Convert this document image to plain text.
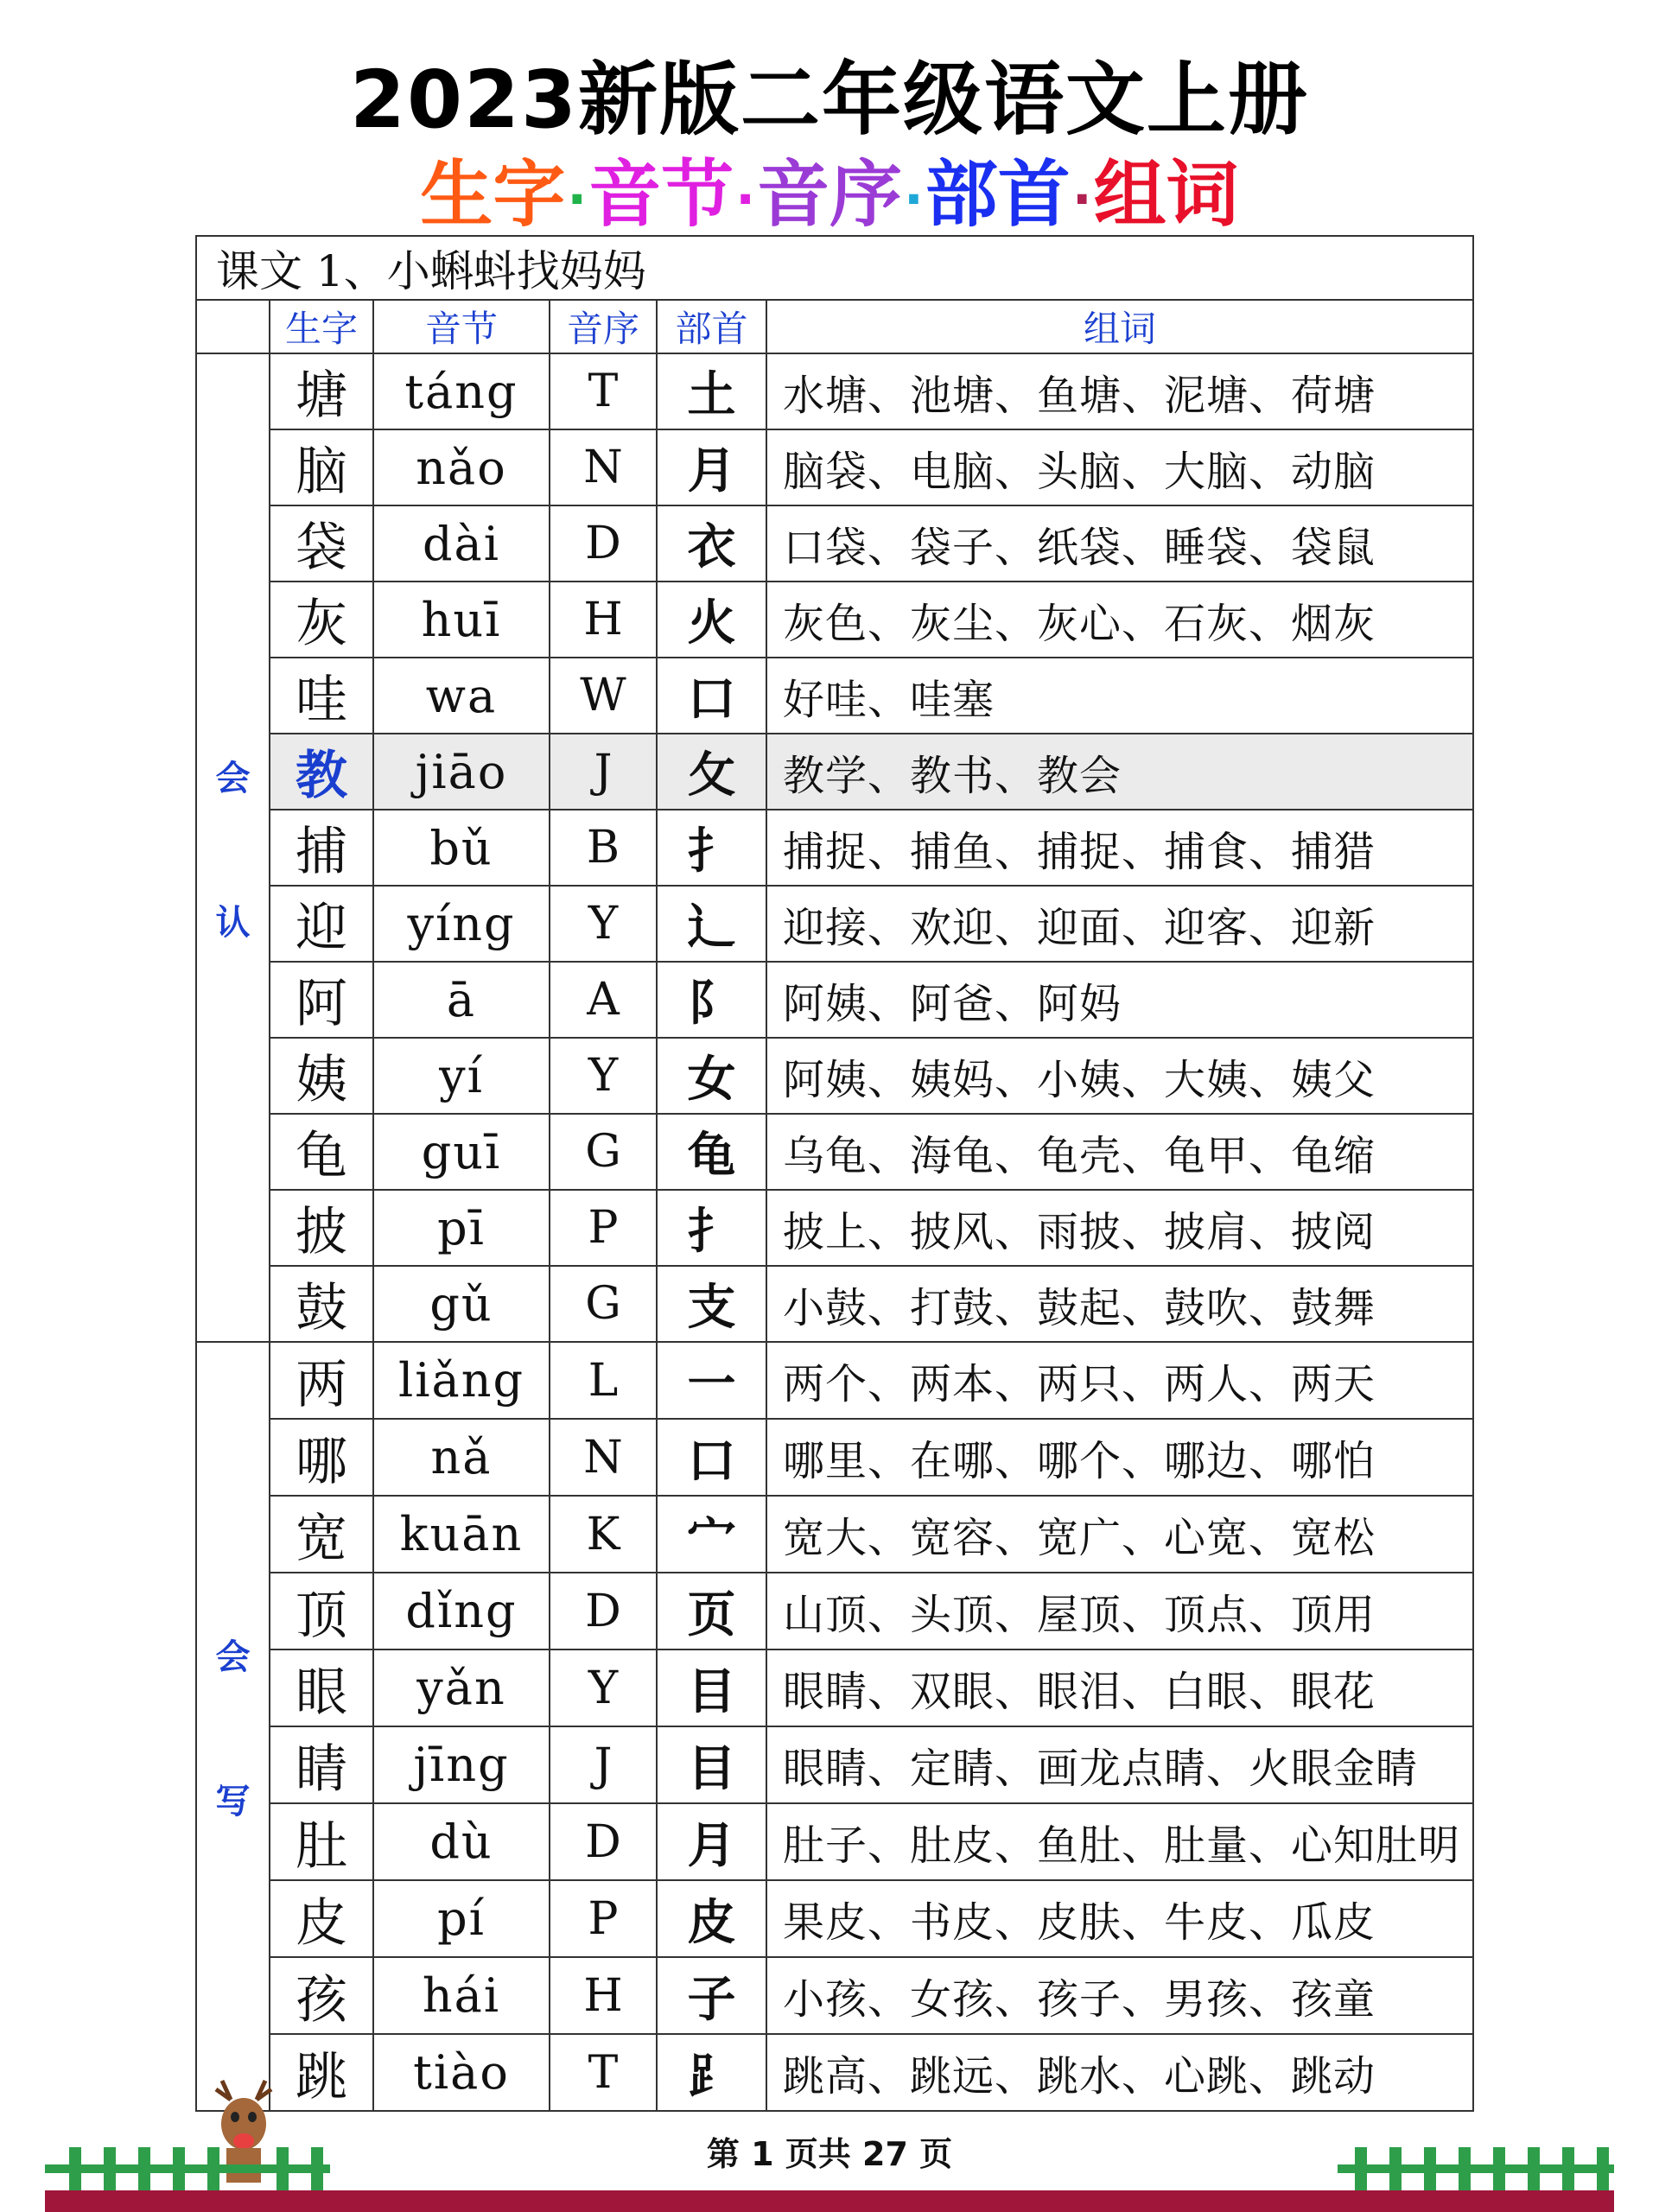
2023新版二年级语文上册
生字·音节·音序·部首·组词
课文 1、小蝌蚪找妈妈					
	生字	音节	音序	部首	组词

会
认	塘	táng	T	土	水塘、池塘、鱼塘、泥塘、荷塘
	脑	nǎo	N	月	脑袋、电脑、头脑、大脑、动脑
	袋	dài	D	衣	口袋、袋子、纸袋、睡袋、袋鼠
	灰	huī	H	火	灰色、灰尘、灰心、石灰、烟灰
	哇	wa	W	口	好哇、哇塞
	教	jiāo	J	攵	教学、教书、教会
	捕	bǔ	B	扌	捕捉、捕鱼、捕捉、捕食、捕猎
	迎	yíng	Y	辶	迎接、欢迎、迎面、迎客、迎新
	阿	ā	A	阝	阿姨、阿爸、阿妈
	姨	yí	Y	女	阿姨、姨妈、小姨、大姨、姨父
	龟	guī	G	龟	乌龟、海龟、龟壳、龟甲、龟缩
	披	pī	P	扌	披上、披风、雨披、披肩、披阅
	鼓	gǔ	G	支	小鼓、打鼓、鼓起、鼓吹、鼓舞

会
写	两	liǎng	L	一	两个、两本、两只、两人、两天
	哪	nǎ	N	口	哪里、在哪、哪个、哪边、哪怕
	宽	kuān	K	宀	宽大、宽容、宽广、心宽、宽松
	顶	dǐng	D	页	山顶、头顶、屋顶、顶点、顶用
	眼	yǎn	Y	目	眼睛、双眼、眼泪、白眼、眼花
	睛	jīng	J	目	眼睛、定睛、画龙点睛、火眼金睛
	肚	dù	D	月	肚子、肚皮、鱼肚、肚量、心知肚明
	皮	pí	P	皮	果皮、书皮、皮肤、牛皮、瓜皮
	孩	hái	H	子	小孩、女孩、孩子、男孩、孩童
	跳	tiào	T	⻊	跳高、跳远、跳水、心跳、跳动
第 1 页共 27 页
